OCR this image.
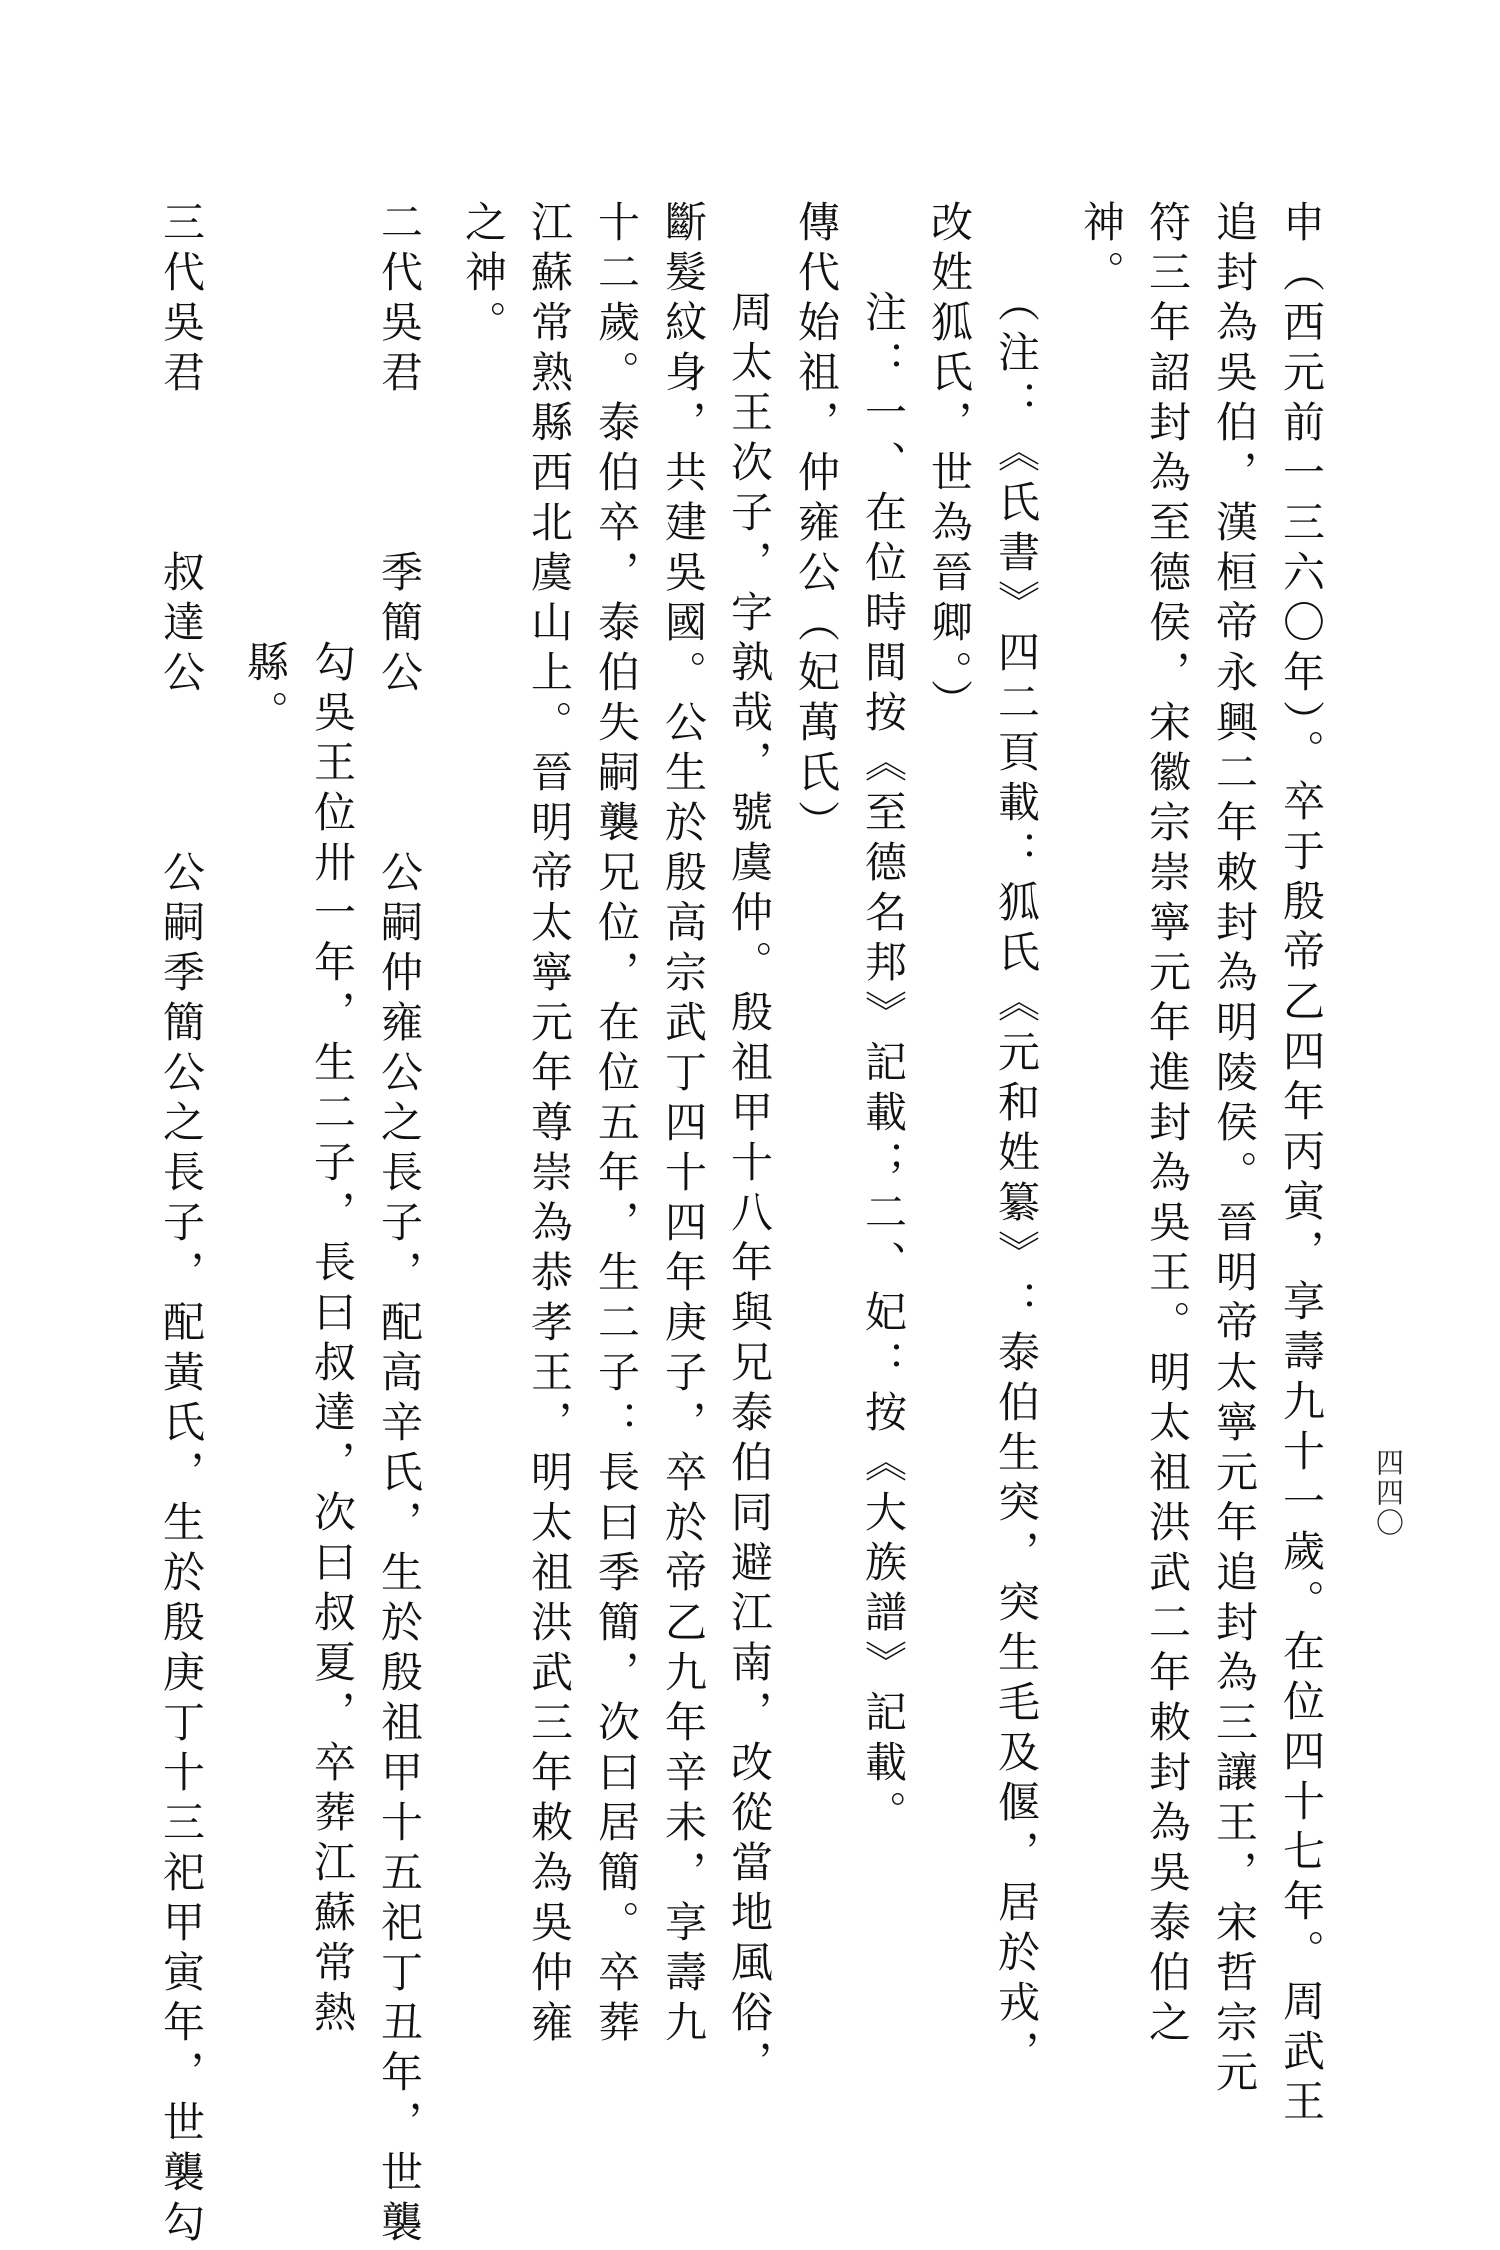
四四〇
申（西元前一三六〇年）。卒于殷帝乙四年丙寅，享壽九十一歲。在位四十七年。周武王
追封為吳伯，漢桓帝永興二年敕封為明陵侯。晉明帝太寧元年追封為三讓王，宋哲宗元
符三年詔封為至德侯，宋徽宗崇寧元年進封為吳王。明太祖洪武二年敕封為吳泰伯之
神。
（注：《氏書》四二頁載：狐氏《元和姓纂》：泰伯生突，突生毛及偃，居於戎，
改姓狐氏，世為晉卿。）
注：一、在位時間按《至德名邦》記載；二、妃：按《大族譜》記載。
傳代始祖，仲雍公（妃萬氏）
周太王次子，字孰哉，號虞仲。殷祖甲十八年與兄泰伯同避江南，改從當地風俗，
斷髮紋身，共建吳國。公生於殷高宗武丁四十四年庚子，卒於帝乙九年辛未，享壽九
十二歲。泰伯卒，泰伯失嗣襲兄位，在位五年，生二子：長曰季簡，次曰居簡。卒葬
江蘇常熟縣西北虞山上。晉明帝太寧元年尊崇為恭孝王，明太祖洪武三年敕為吳仲雍
之神。
二代吳君　　　季簡公　　　公嗣仲雍公之長子，配高辛氏，生於殷祖甲十五祀丁丑年，世襲
勾吳王位卅一年，生二子，長曰叔達，次曰叔夏，卒葬江蘇常熱
縣。
三代吳君　　　叔達公　　　公嗣季簡公之長子，配黃氏，生於殷庚丁十三祀甲寅年，世襲勾
